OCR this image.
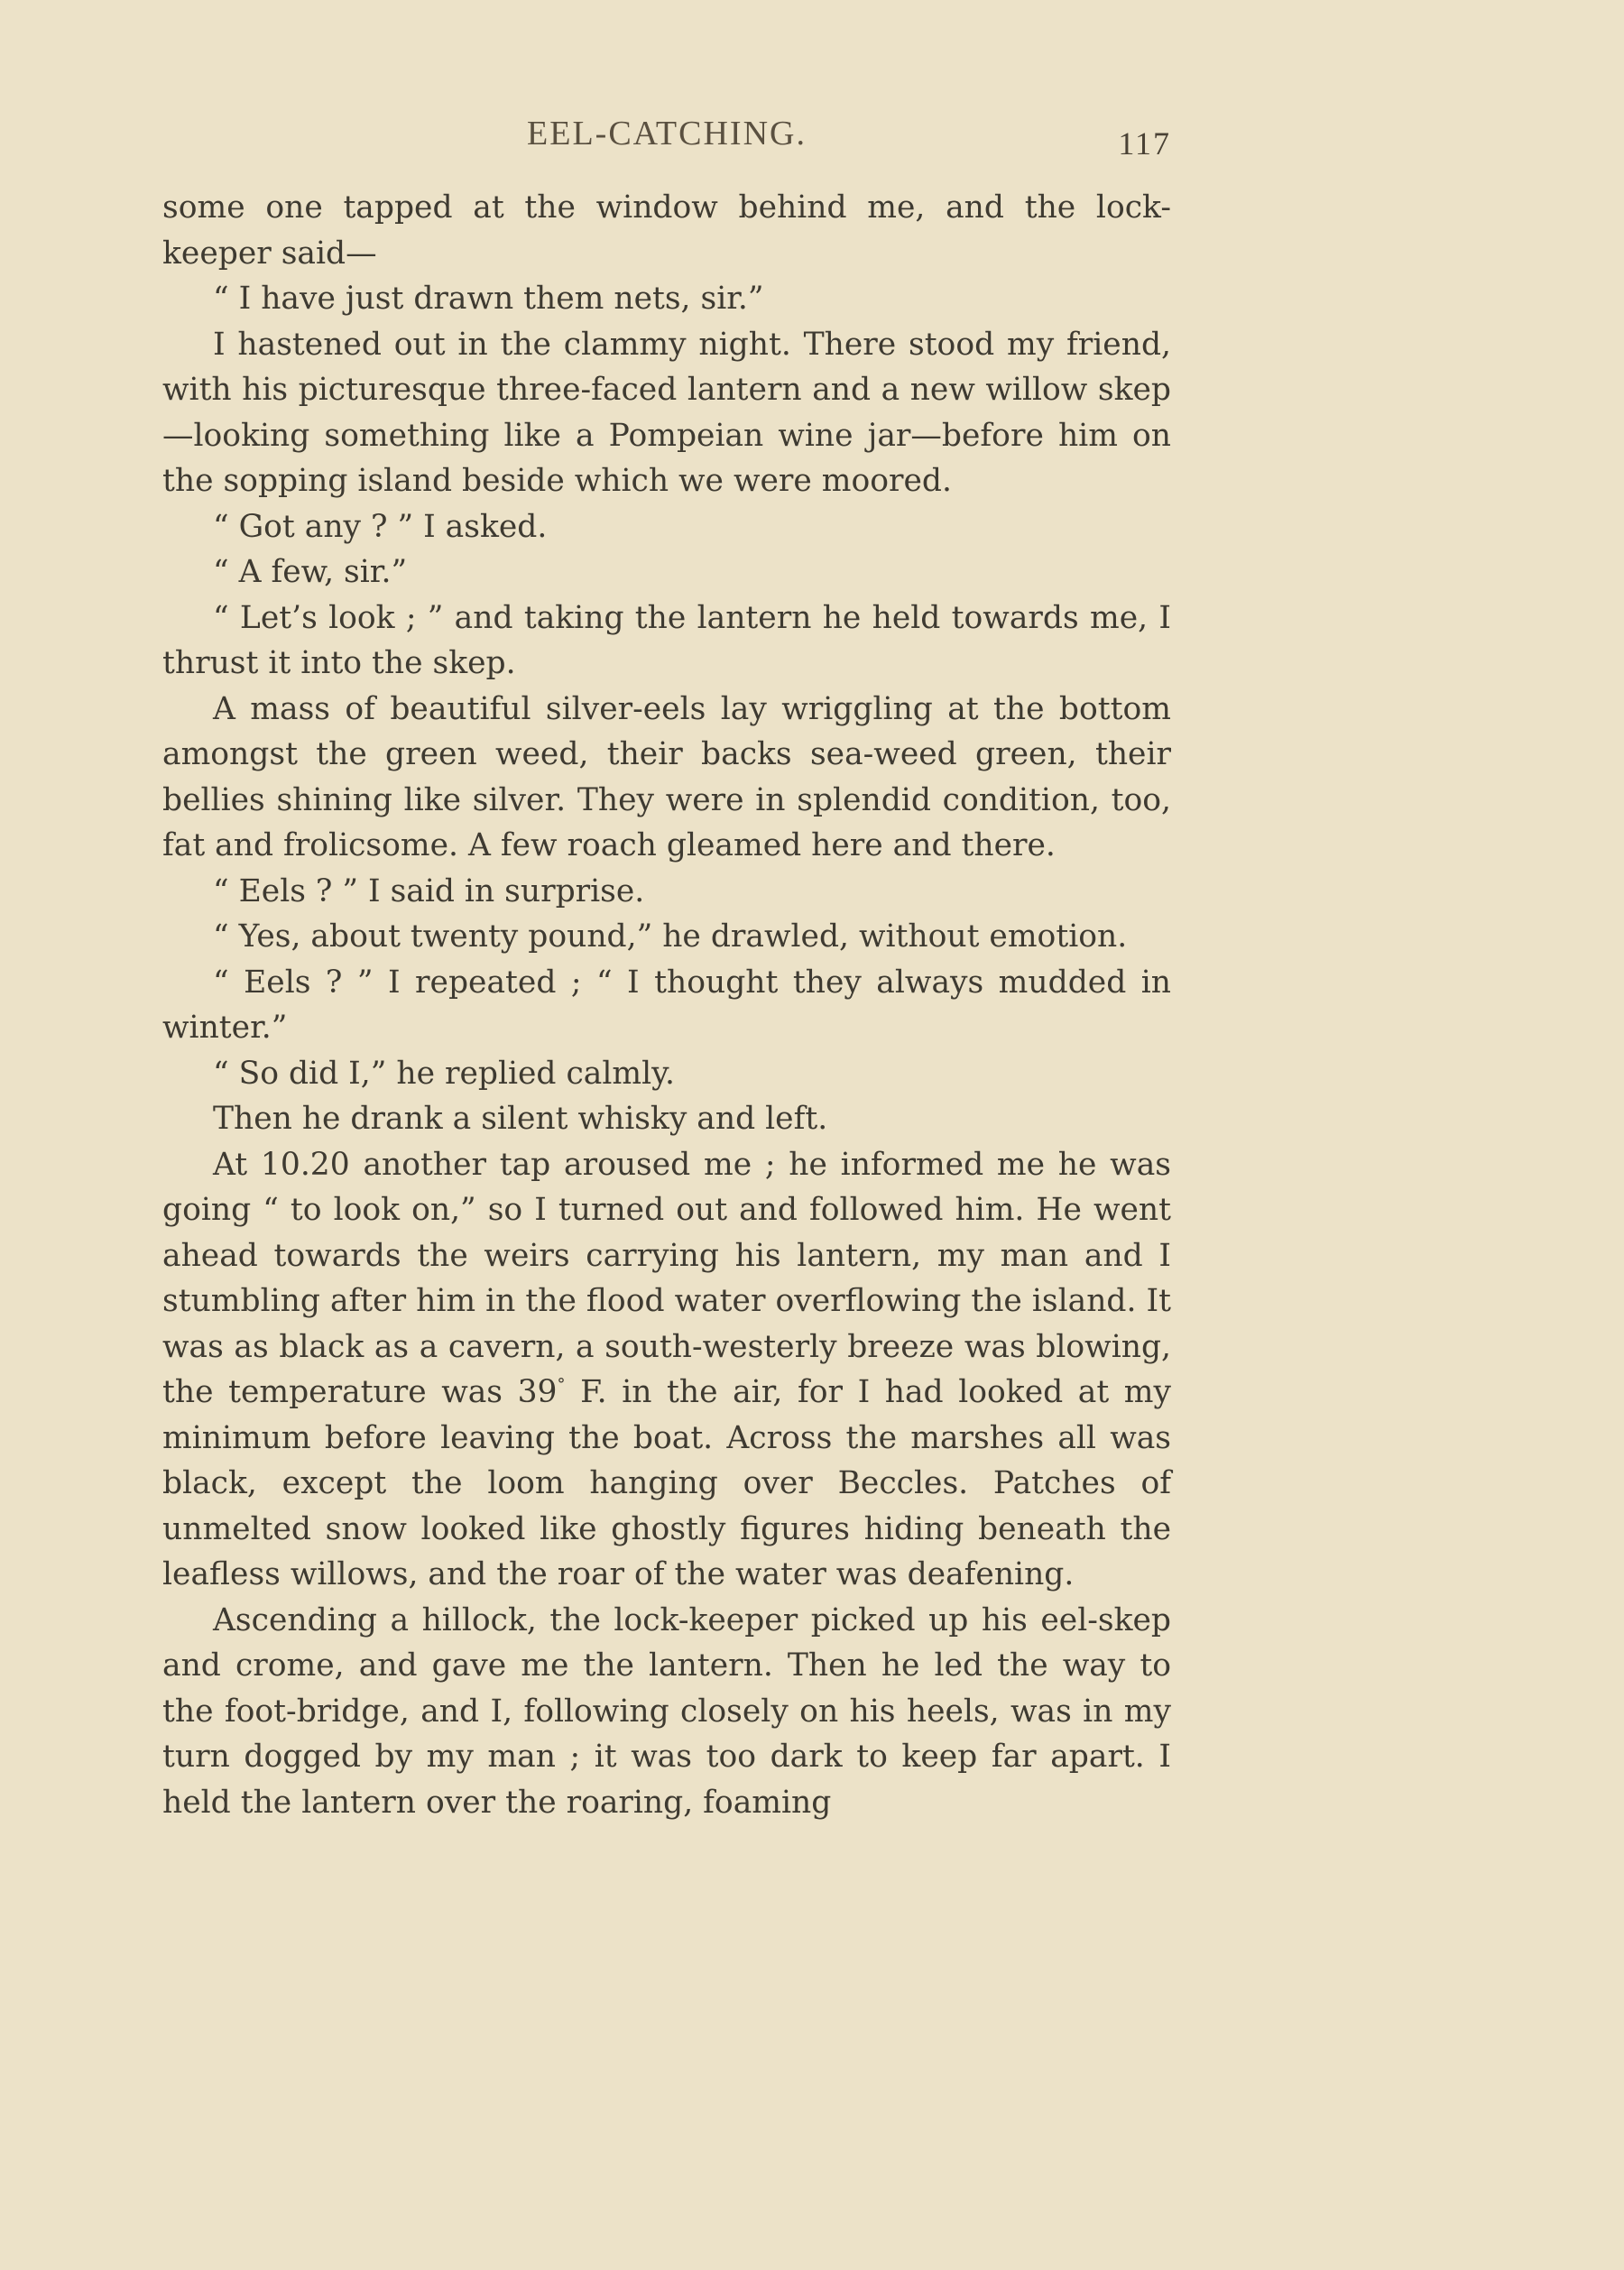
EEL-CATCHING.	117

some one tapped at the window behind me, and the lock-keeper said—

“ I have just drawn them nets, sir.”

I hastened out in the clammy night. There stood my friend, with his picturesque three-faced lantern and a new willow skep—looking something like a Pompeian wine jar—before him on the sopping island beside which we were moored.

“ Got any ? ” I asked.

“ A few, sir.”

“ Let’s look ; ” and taking the lantern he held towards me, I thrust it into the skep.

A mass of beautiful silver-eels lay wriggling at the bottom amongst the green weed, their backs sea-weed green, their bellies shining like silver. They were in splendid condition, too, fat and frolicsome. A few roach gleamed here and there.

“ Eels ? ” I said in surprise.

“ Yes, about twenty pound,” he drawled, without emotion.

“ Eels ? ” I repeated ; “ I thought they always mudded in winter.”

“ So did I,” he replied calmly.

Then he drank a silent whisky and left.

At 10.20 another tap aroused me ; he informed me he was going “ to look on,” so I turned out and followed him. He went ahead towards the weirs carrying his lantern, my man and I stumbling after him in the flood water overflowing the island. It was as black as a cavern, a south-westerly breeze was blowing, the temperature was 39° F. in the air, for I had looked at my minimum before leaving the boat. Across the marshes all was black, except the loom hanging over Beccles. Patches of unmelted snow looked like ghostly figures hiding beneath the leafless willows, and the roar of the water was deafening.

Ascending a hillock, the lock-keeper picked up his eel-skep and crome, and gave me the lantern. Then he led the way to the foot-bridge, and I, following closely on his heels, was in my turn dogged by my man ; it was too dark to keep far apart. I held the lantern over the roaring, foaming
